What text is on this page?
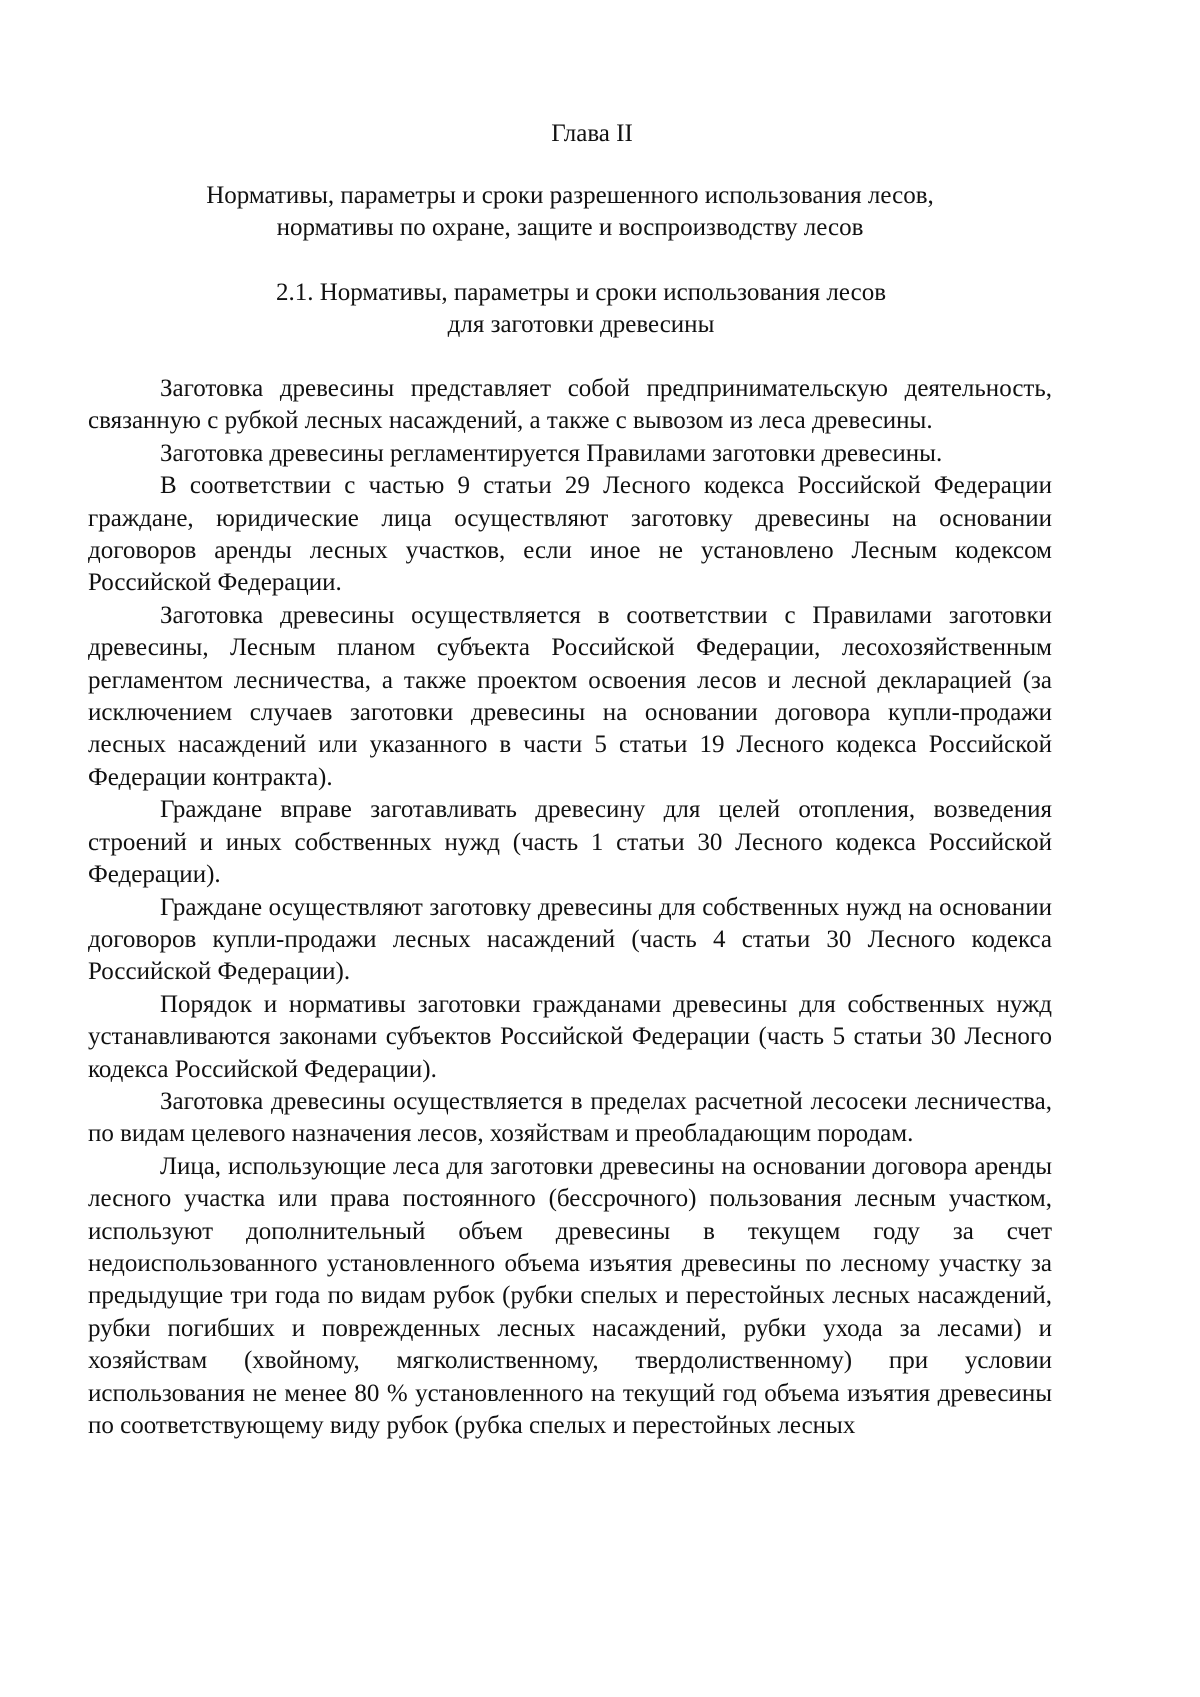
Глава II

Нормативы, параметры и сроки разрешенного использования лесов,
нормативы по охране, защите и воспроизводству лесов
2.1. Нормативы, параметры и сроки использования лесов
для заготовки древесины

Заготовка древесины представляет собой предпринимательскую деятельность, связанную с рубкой лесных насаждений, а также с вывозом из леса древесины.

Заготовка древесины регламентируется Правилами заготовки древесины.

В соответствии с частью 9 статьи 29 Лесного кодекса Российской Федерации граждане, юридические лица осуществляют заготовку древесины на основании договоров аренды лесных участков, если иное не установлено Лесным кодексом Российской Федерации.

Заготовка древесины осуществляется в соответствии с Правилами заготовки древесины, Лесным планом субъекта Российской Федерации, лесохозяйственным регламентом лесничества, а также проектом освоения лесов и лесной декларацией (за исключением случаев заготовки древесины на основании договора купли-продажи лесных насаждений или указанного в части 5 статьи 19 Лесного кодекса Российской Федерации контракта).

Граждане вправе заготавливать древесину для целей отопления, возведения строений и иных собственных нужд (часть 1 статьи 30 Лесного кодекса Российской Федерации).

Граждане осуществляют заготовку древесины для собственных нужд на основании договоров купли-продажи лесных насаждений (часть 4 статьи 30 Лесного кодекса Российской Федерации).

Порядок и нормативы заготовки гражданами древесины для собственных нужд устанавливаются законами субъектов Российской Федерации (часть 5 статьи 30 Лесного кодекса Российской Федерации).

Заготовка древесины осуществляется в пределах расчетной лесосеки лесничества, по видам целевого назначения лесов, хозяйствам и преобладающим породам.

Лица, использующие леса для заготовки древесины на основании договора аренды лесного участка или права постоянного (бессрочного) пользования лесным участком, используют дополнительный объем древесины в текущем году за счет недоиспользованного установленного объема изъятия древесины по лесному участку за предыдущие три года по видам рубок (рубки спелых и перестойных лесных насаждений, рубки погибших и поврежденных лесных насаждений, рубки ухода за лесами) и хозяйствам (хвойному, мягколиственному, твердолиственному) при условии использования не менее 80 % установленного на текущий год объема изъятия древесины по соответствующему виду рубок (рубка спелых и перестойных лесных
